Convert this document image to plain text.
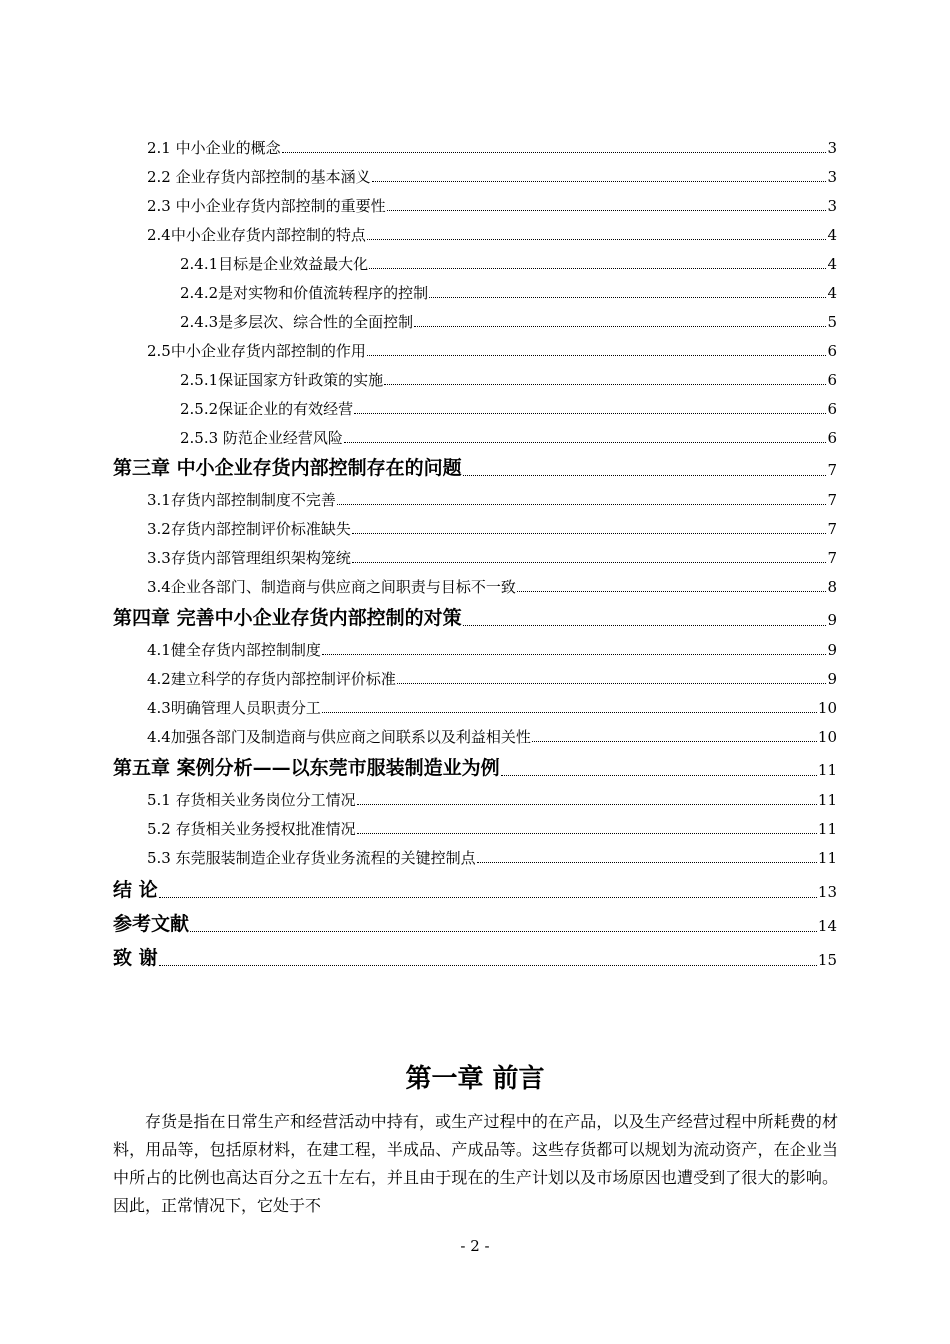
2.1 中小企业的概念	3
2.2 企业存货内部控制的基本涵义	3
2.3 中小企业存货内部控制的重要性	3
2.4中小企业存货内部控制的特点	4
2.4.1目标是企业效益最大化	4
2.4.2是对实物和价值流转程序的控制	4
2.4.3是多层次、综合性的全面控制	5
2.5中小企业存货内部控制的作用	6
2.5.1保证国家方针政策的实施	6
2.5.2保证企业的有效经营	6
2.5.3 防范企业经营风险	6
第三章 中小企业存货内部控制存在的问题	7
3.1存货内部控制制度不完善	7
3.2存货内部控制评价标准缺失	7
3.3存货内部管理组织架构笼统	7
3.4企业各部门、制造商与供应商之间职责与目标不一致	8
第四章 完善中小企业存货内部控制的对策	9
4.1健全存货内部控制制度	9
4.2建立科学的存货内部控制评价标准	9
4.3明确管理人员职责分工	10
4.4加强各部门及制造商与供应商之间联系以及利益相关性	10
第五章 案例分析——以东莞市服装制造业为例	11
5.1 存货相关业务岗位分工情况	11
5.2 存货相关业务授权批准情况	11
5.3 东莞服装制造企业存货业务流程的关键控制点	11
结 论	13
参考文献	14
致 谢	15
第一章 前言
存货是指在日常生产和经营活动中持有，或生产过程中的在产品，以及生产经营过程中所耗费的材料，用品等，包括原材料，在建工程，半成品、产成品等。这些存货都可以规划为流动资产，在企业当中所占的比例也高达百分之五十左右，并且由于现在的生产计划以及市场原因也遭受到了很大的影响。因此，正常情况下，它处于不
- 2 -
